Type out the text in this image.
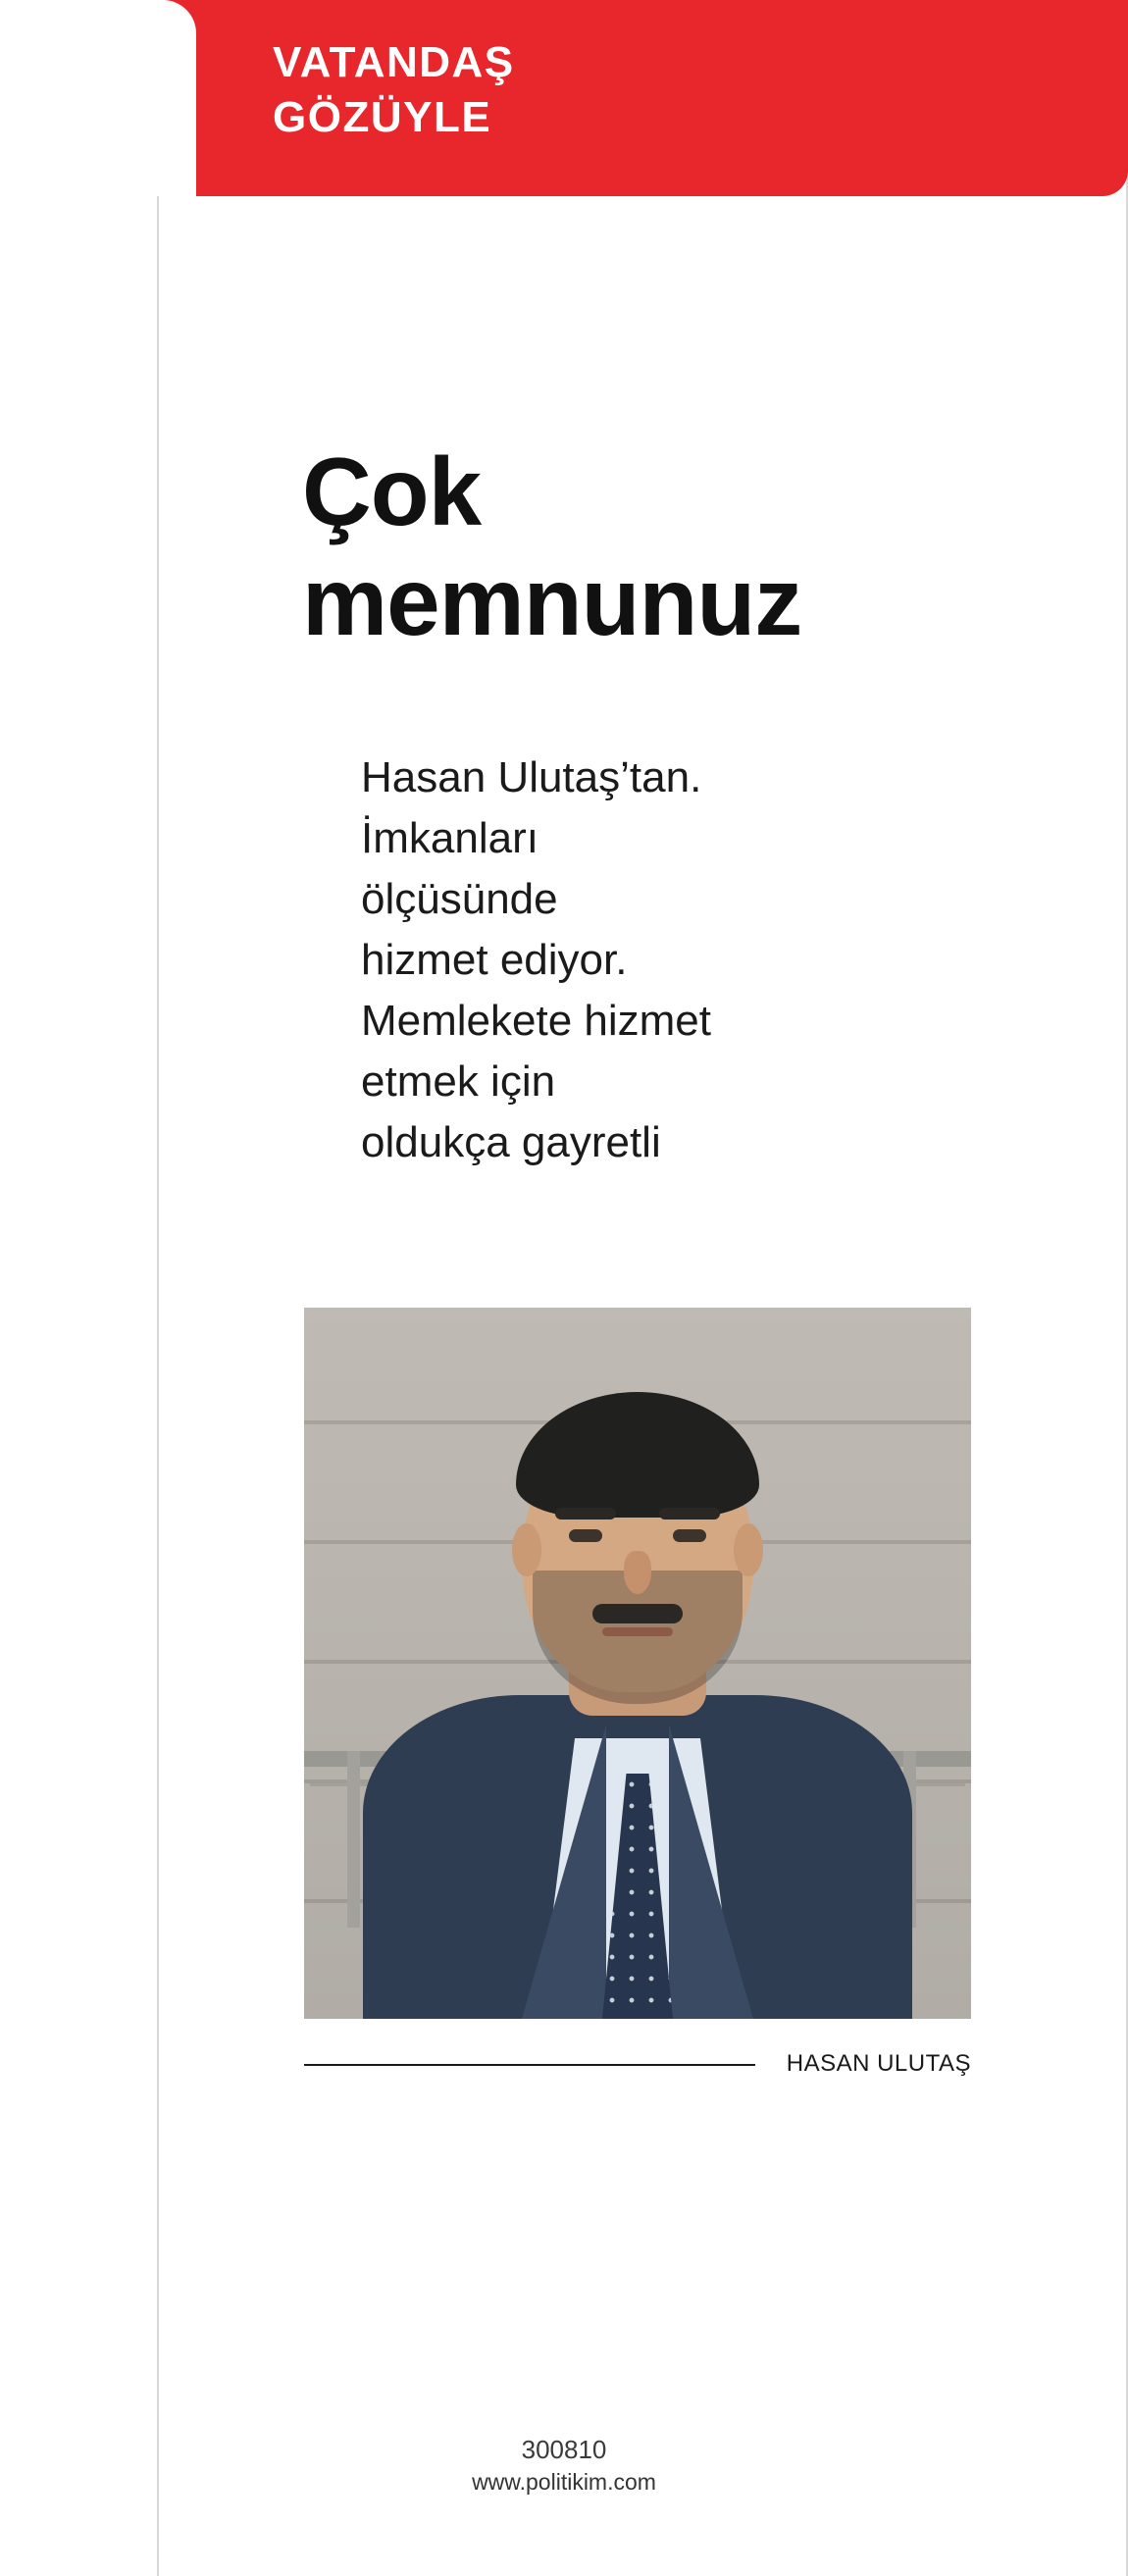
VATANDAŞ
GÖZÜYLE
Çok
memnunuz
Hasan Ulutaş’tan.
İmkanları
ölçüsünde
hizmet ediyor.
Memlekete hizmet
etmek için
oldukça gayretli
HASAN ULUTAŞ
300810
www.politikim.com
